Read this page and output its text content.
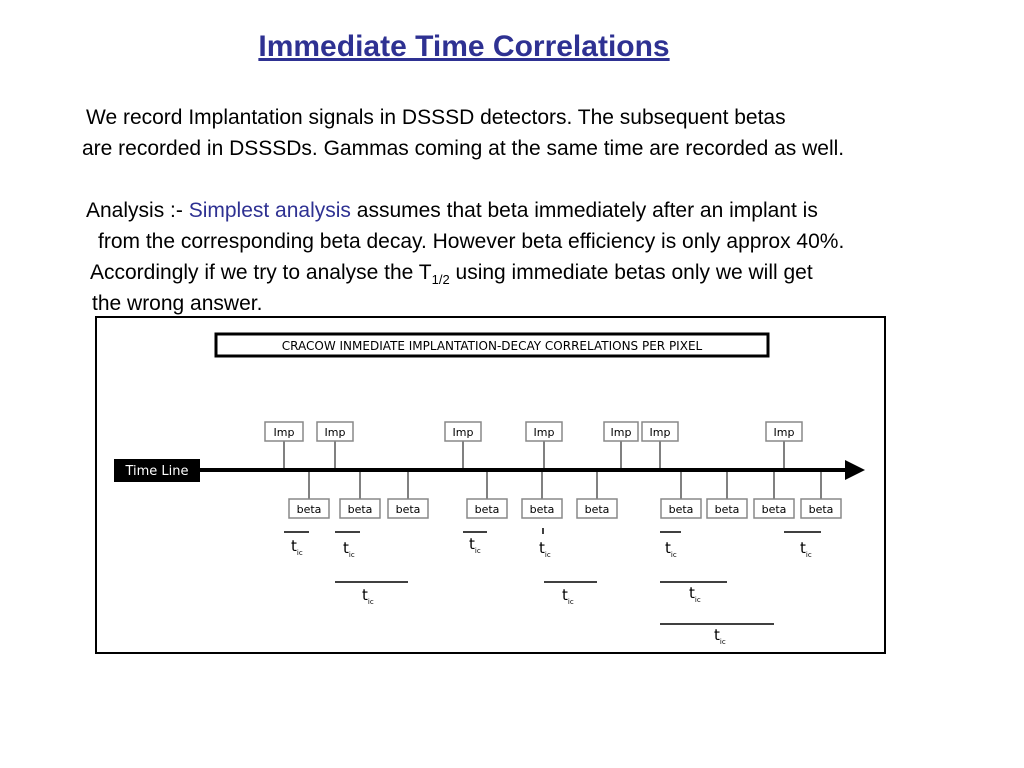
Immediate Time Correlations
We record Implantation signals in DSSSD detectors. The subsequent betas
are recorded in DSSSDs. Gammas coming at the same time are recorded as well.
Analysis :- Simplest analysis assumes that beta immediately after an implant is
from the corresponding beta decay. However beta efficiency is only approx 40%.
Accordingly if we try to analyse the $T_{1/2}$ using immediate betas only we will get
the wrong answer.
CRACOW INMEDIATE IMPLANTATION-DECAY CORRELATIONS PER PIXEL
Time Line
Imp	Imp	Imp	Imp	Imp Imp	Imp
beta beta beta	beta	beta	beta	beta beta beta beta
$t_{ic}$	$t_{ic}$
$t_{ic}$	$t_{ic}$	$t_{ic}$	$t_{ic}$
$t_{ic}$	$t_{ic}$	$t_{ic}$
$t_{ic}$
